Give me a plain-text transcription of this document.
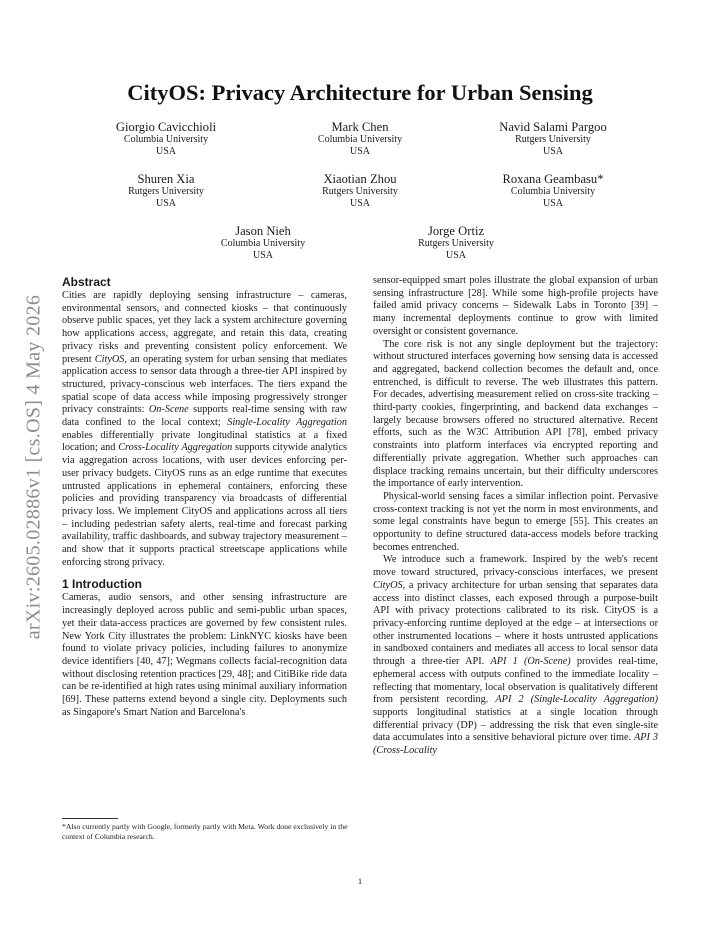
arXiv:2605.02886v1 [cs.OS] 4 May 2026
CityOS: Privacy Architecture for Urban Sensing
Giorgio Cavicchioli
Columbia University
USA
Mark Chen
Columbia University
USA
Navid Salami Pargoo
Rutgers University
USA
Shuren Xia
Rutgers University
USA
Xiaotian Zhou
Rutgers University
USA
Roxana Geambasu*
Columbia University
USA
Jason Nieh
Columbia University
USA
Jorge Ortiz
Rutgers University
USA
Abstract

Cities are rapidly deploying sensing infrastructure – cameras, environmental sensors, and connected kiosks – that continuously observe public spaces, yet they lack a system architecture governing how applications access, aggregate, and retain this data, creating privacy risks and preventing consistent policy enforcement. We present CityOS, an operating system for urban sensing that mediates application access to sensor data through a three-tier API inspired by structured, privacy-conscious web interfaces. The tiers expand the spatial scope of data access while imposing progressively stronger privacy constraints: On-Scene supports real-time sensing with raw data confined to the local context; Single-Locality Aggregation enables differentially private longitudinal statistics at a fixed location; and Cross-Locality Aggregation supports citywide analytics via aggregation across locations, with user devices enforcing per-user privacy budgets. CityOS runs as an edge runtime that executes untrusted applications in ephemeral containers, enforcing these policies and providing transparency via broadcasts of differential privacy loss. We implement CityOS and applications across all tiers – including pedestrian safety alerts, real-time and forecast parking availability, traffic dashboards, and subway trajectory measurement – and show that it supports practical streetscape applications while enforcing strong privacy.

1 Introduction

Cameras, audio sensors, and other sensing infrastructure are increasingly deployed across public and semi-public urban spaces, yet their data-access practices are governed by few consistent rules. New York City illustrates the problem: LinkNYC kiosks have been found to violate privacy policies, including failures to anonymize device identifiers [40, 47]; Wegmans collects facial-recognition data without disclosing retention practices [29, 48]; and CitiBike ride data can be re-identified at high rates using minimal auxiliary information [69]. These patterns extend beyond a single city. Deployments such as Singapore's Smart Nation and Barcelona's

sensor-equipped smart poles illustrate the global expansion of urban sensing infrastructure [28]. While some high-profile projects have failed amid privacy concerns – Sidewalk Labs in Toronto [39] – many incremental deployments continue to grow with limited oversight or consistent governance.

The core risk is not any single deployment but the trajectory: without structured interfaces governing how sensing data is accessed and aggregated, backend collection becomes the default and, once entrenched, is difficult to reverse. The web illustrates this pattern. For decades, advertising measurement relied on cross-site tracking – third-party cookies, fingerprinting, and backend data exchanges – largely because browsers offered no structured alternative. Recent efforts, such as the W3C Attribution API [78], embed privacy constraints into platform interfaces via encrypted reporting and differentially private aggregation. Whether such approaches can displace tracking remains uncertain, but their difficulty underscores the importance of early intervention.

Physical-world sensing faces a similar inflection point. Pervasive cross-context tracking is not yet the norm in most environments, and some legal constraints have begun to emerge [55]. This creates an opportunity to define structured data-access models before tracking becomes entrenched.

We introduce such a framework. Inspired by the web's recent move toward structured, privacy-conscious interfaces, we present CityOS, a privacy architecture for urban sensing that separates data access into distinct classes, each exposed through a purpose-built API with privacy protections calibrated to its risk. CityOS is a privacy-enforcing runtime deployed at the edge – at intersections or other instrumented locations – where it hosts untrusted applications in sandboxed containers and mediates all access to local sensor data through a three-tier API. API 1 (On-Scene) provides real-time, ephemeral access with outputs confined to the immediate locality – reflecting that momentary, local observation is qualitatively different from persistent recording. API 2 (Single-Locality Aggregation) supports longitudinal statistics at a single location through differential privacy (DP) – addressing the risk that even single-site data accumulates into a sensitive behavioral picture over time. API 3 (Cross-Locality

*Also currently partly with Google, formerly partly with Meta. Work done exclusively in the context of Columbia research.
1
